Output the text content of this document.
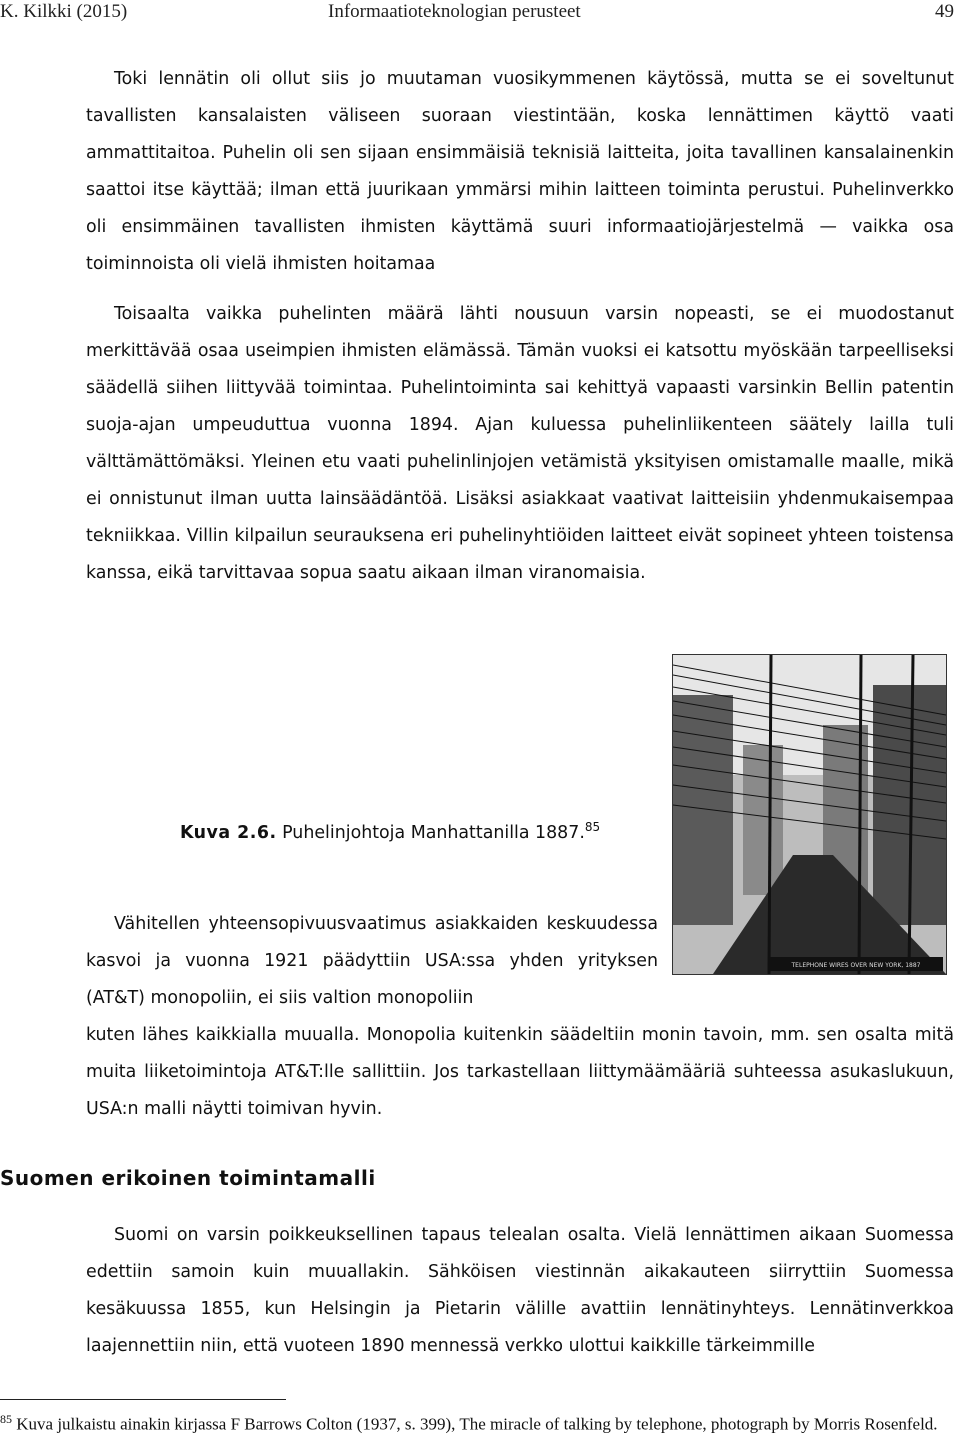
K. Kilkki (2015)	Informaatioteknologian perusteet	49

Toki lennätin oli ollut siis jo muutaman vuosikymmenen käytössä, mutta se ei soveltunut tavallisten kansalaisten väliseen suoraan viestintään, koska lennättimen käyttö vaati ammattitaitoa. Puhelin oli sen sijaan ensimmäisiä teknisiä laitteita, joita tavallinen kansalainenkin saattoi itse käyttää; ilman että juurikaan ymmärsi mihin laitteen toiminta perustui. Puhelinverkko oli ensimmäinen tavallisten ihmisten käyttämä suuri informaatiojärjestelmä — vaikka osa toiminnoista oli vielä ihmisten hoitamaa

Toisaalta vaikka puhelinten määrä lähti nousuun varsin nopeasti, se ei muodostanut merkittävää osaa useimpien ihmisten elämässä. Tämän vuoksi ei katsottu myöskään tarpeelliseksi säädellä siihen liittyvää toimintaa. Puhelintoiminta sai kehittyä vapaasti varsinkin Bellin patentin suoja-ajan umpeuduttua vuonna 1894. Ajan kuluessa puhelinliikenteen säätely lailla tuli välttämättömäksi. Yleinen etu vaati puhelinlinjojen vetämistä yksityisen omistamalle maalle, mikä ei onnistunut ilman uutta lainsäädäntöä. Lisäksi asiakkaat vaativat laitteisiin yhdenmukaisempaa tekniikkaa. Villin kilpailun seurauksena eri puhelinyhtiöiden laitteet eivät sopineet yhteen toistensa kanssa, eikä tarvittavaa sopua saatu aikaan ilman viranomaisia.

TELEPHONE WIRES OVER NEW YORK, 1887
Kuva 2.6. Puhelinjohtoja Manhattanilla 1887.85

Vähitellen yhteensopivuusvaatimus asiakkaiden keskuudessa kasvoi ja vuonna 1921 päädyttiin USA:ssa yhden yrityksen (AT&T) monopoliin, ei siis valtion monopoliin

kuten lähes kaikkialla muualla. Monopolia kuitenkin säädeltiin monin tavoin, mm. sen osalta mitä muita liiketoimintoja AT&T:lle sallittiin. Jos tarkastellaan liittymäämääriä suhteessa asukaslukuun, USA:n malli näytti toimivan hyvin.

Suomen erikoinen toimintamalli

Suomi on varsin poikkeuksellinen tapaus telealan osalta. Vielä lennättimen aikaan Suomessa edettiin samoin kuin muuallakin. Sähköisen viestinnän aikakauteen siirryttiin Suomessa kesäkuussa 1855, kun Helsingin ja Pietarin välille avattiin lennätinyhteys. Lennätinverkkoa laajennettiin niin, että vuoteen 1890 mennessä verkko ulottui kaikkille tärkeimmille

$^{85}$ Kuva julkaistu ainakin kirjassa F Barrows Colton (1937, s. 399), The miracle of talking by telephone, photograph by Morris Rosenfeld.
